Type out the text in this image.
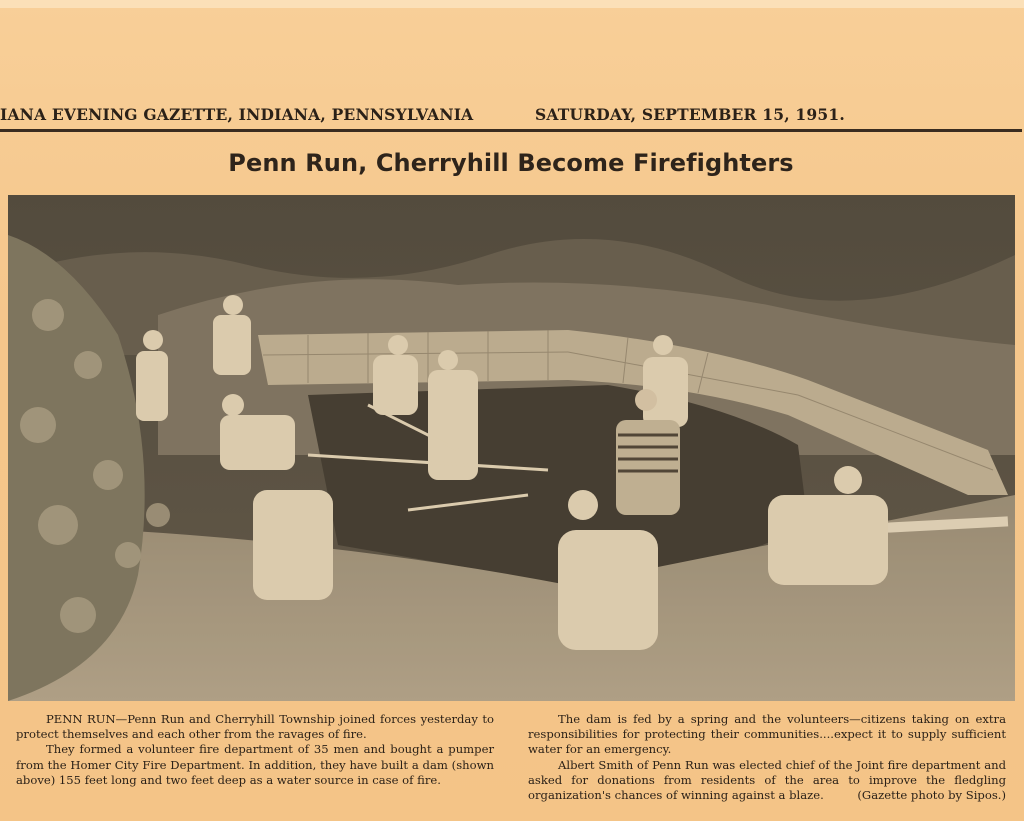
IANA EVENING GAZETTE, INDIANA, PENNSYLVANIA	SATURDAY, SEPTEMBER 15, 1951.
Penn Run, Cherryhill Become Firefighters

PENN RUN—Penn Run and Cherryhill Township joined forces yesterday to protect themselves and each other from the ravages of fire.

They formed a volunteer fire department of 35 men and bought a pumper from the Homer City Fire Department. In addition, they have built a dam (shown above) 155 feet long and two feet deep as a water source in case of fire.

The dam is fed by a spring and the volunteers—citizens taking on extra responsibilities for protecting their communities....expect it to supply sufficient water for an emergency.

Albert Smith of Penn Run was elected chief of the Joint fire department and asked for donations from residents of the area to improve the fledgling organization's chances of winning against a blaze.	(Gazette photo by Sipos.)
